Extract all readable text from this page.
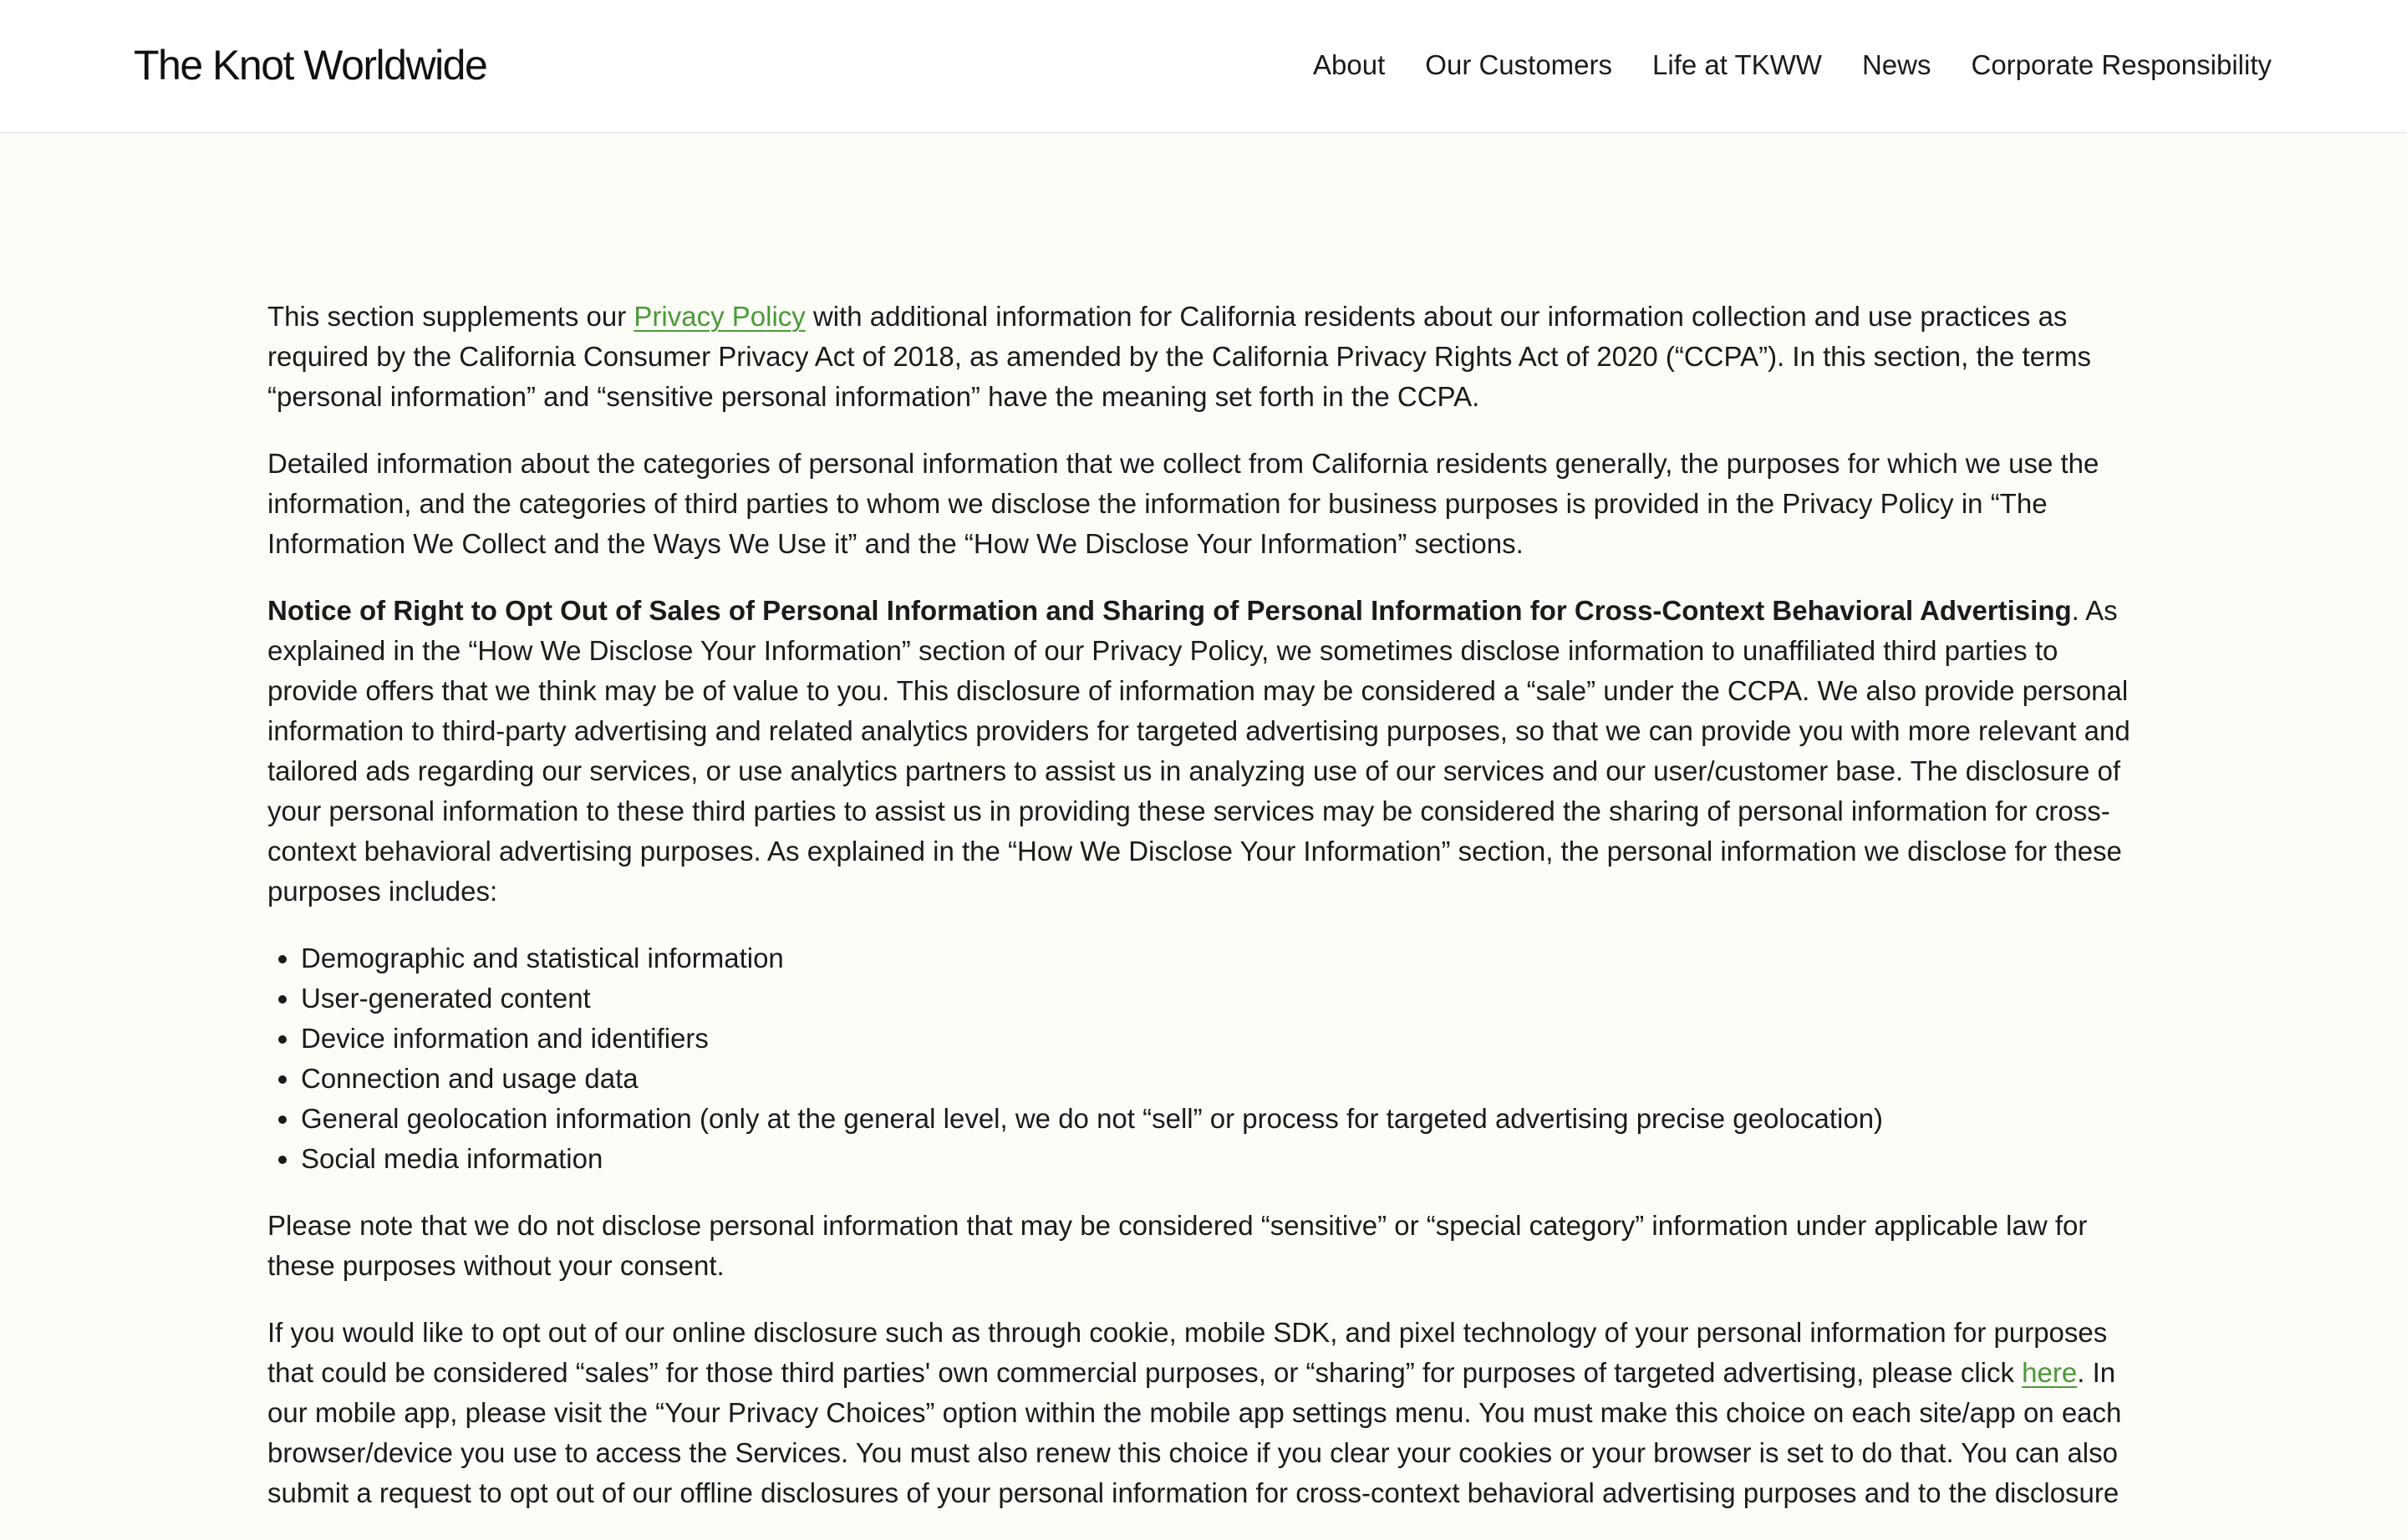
The Knot Worldwide	About Our Customers Life at TKWW News Corporate Responsibility

This section supplements our Privacy Policy with additional information for California residents about our information collection and use practices as required by the California Consumer Privacy Act of 2018, as amended by the California Privacy Rights Act of 2020 (“CCPA”). In this section, the terms “personal information” and “sensitive personal information” have the meaning set forth in the CCPA.

Detailed information about the categories of personal information that we collect from California residents generally, the purposes for which we use the information, and the categories of third parties to whom we disclose the information for business purposes is provided in the Privacy Policy in “The Information We Collect and the Ways We Use it” and the “How We Disclose Your Information” sections.

Notice of Right to Opt Out of Sales of Personal Information and Sharing of Personal Information for Cross-Context Behavioral Advertising. As explained in the “How We Disclose Your Information” section of our Privacy Policy, we sometimes disclose information to unaffiliated third parties to provide offers that we think may be of value to you. This disclosure of information may be considered a “sale” under the CCPA. We also provide personal information to third-party advertising and related analytics providers for targeted advertising purposes, so that we can provide you with more relevant and tailored ads regarding our services, or use analytics partners to assist us in analyzing use of our services and our user/customer base. The disclosure of your personal information to these third parties to assist us in providing these services may be considered the sharing of personal information for cross-context behavioral advertising purposes. As explained in the “How We Disclose Your Information” section, the personal information we disclose for these purposes includes:

• Demographic and statistical information
• User-generated content
• Device information and identifiers
• Connection and usage data
• General geolocation information (only at the general level, we do not “sell” or process for targeted advertising precise geolocation)
• Social media information

Please note that we do not disclose personal information that may be considered “sensitive” or “special category” information under applicable law for these purposes without your consent.

If you would like to opt out of our online disclosure such as through cookie, mobile SDK, and pixel technology of your personal information for purposes that could be considered “sales” for those third parties' own commercial purposes, or “sharing” for purposes of targeted advertising, please click here. In our mobile app, please visit the “Your Privacy Choices” option within the mobile app settings menu. You must make this choice on each site/app on each browser/device you use to access the Services. You must also renew this choice if you clear your cookies or your browser is set to do that. You can also submit a request to opt out of our offline disclosures of your personal information for cross-context behavioral advertising purposes and to the disclosure
